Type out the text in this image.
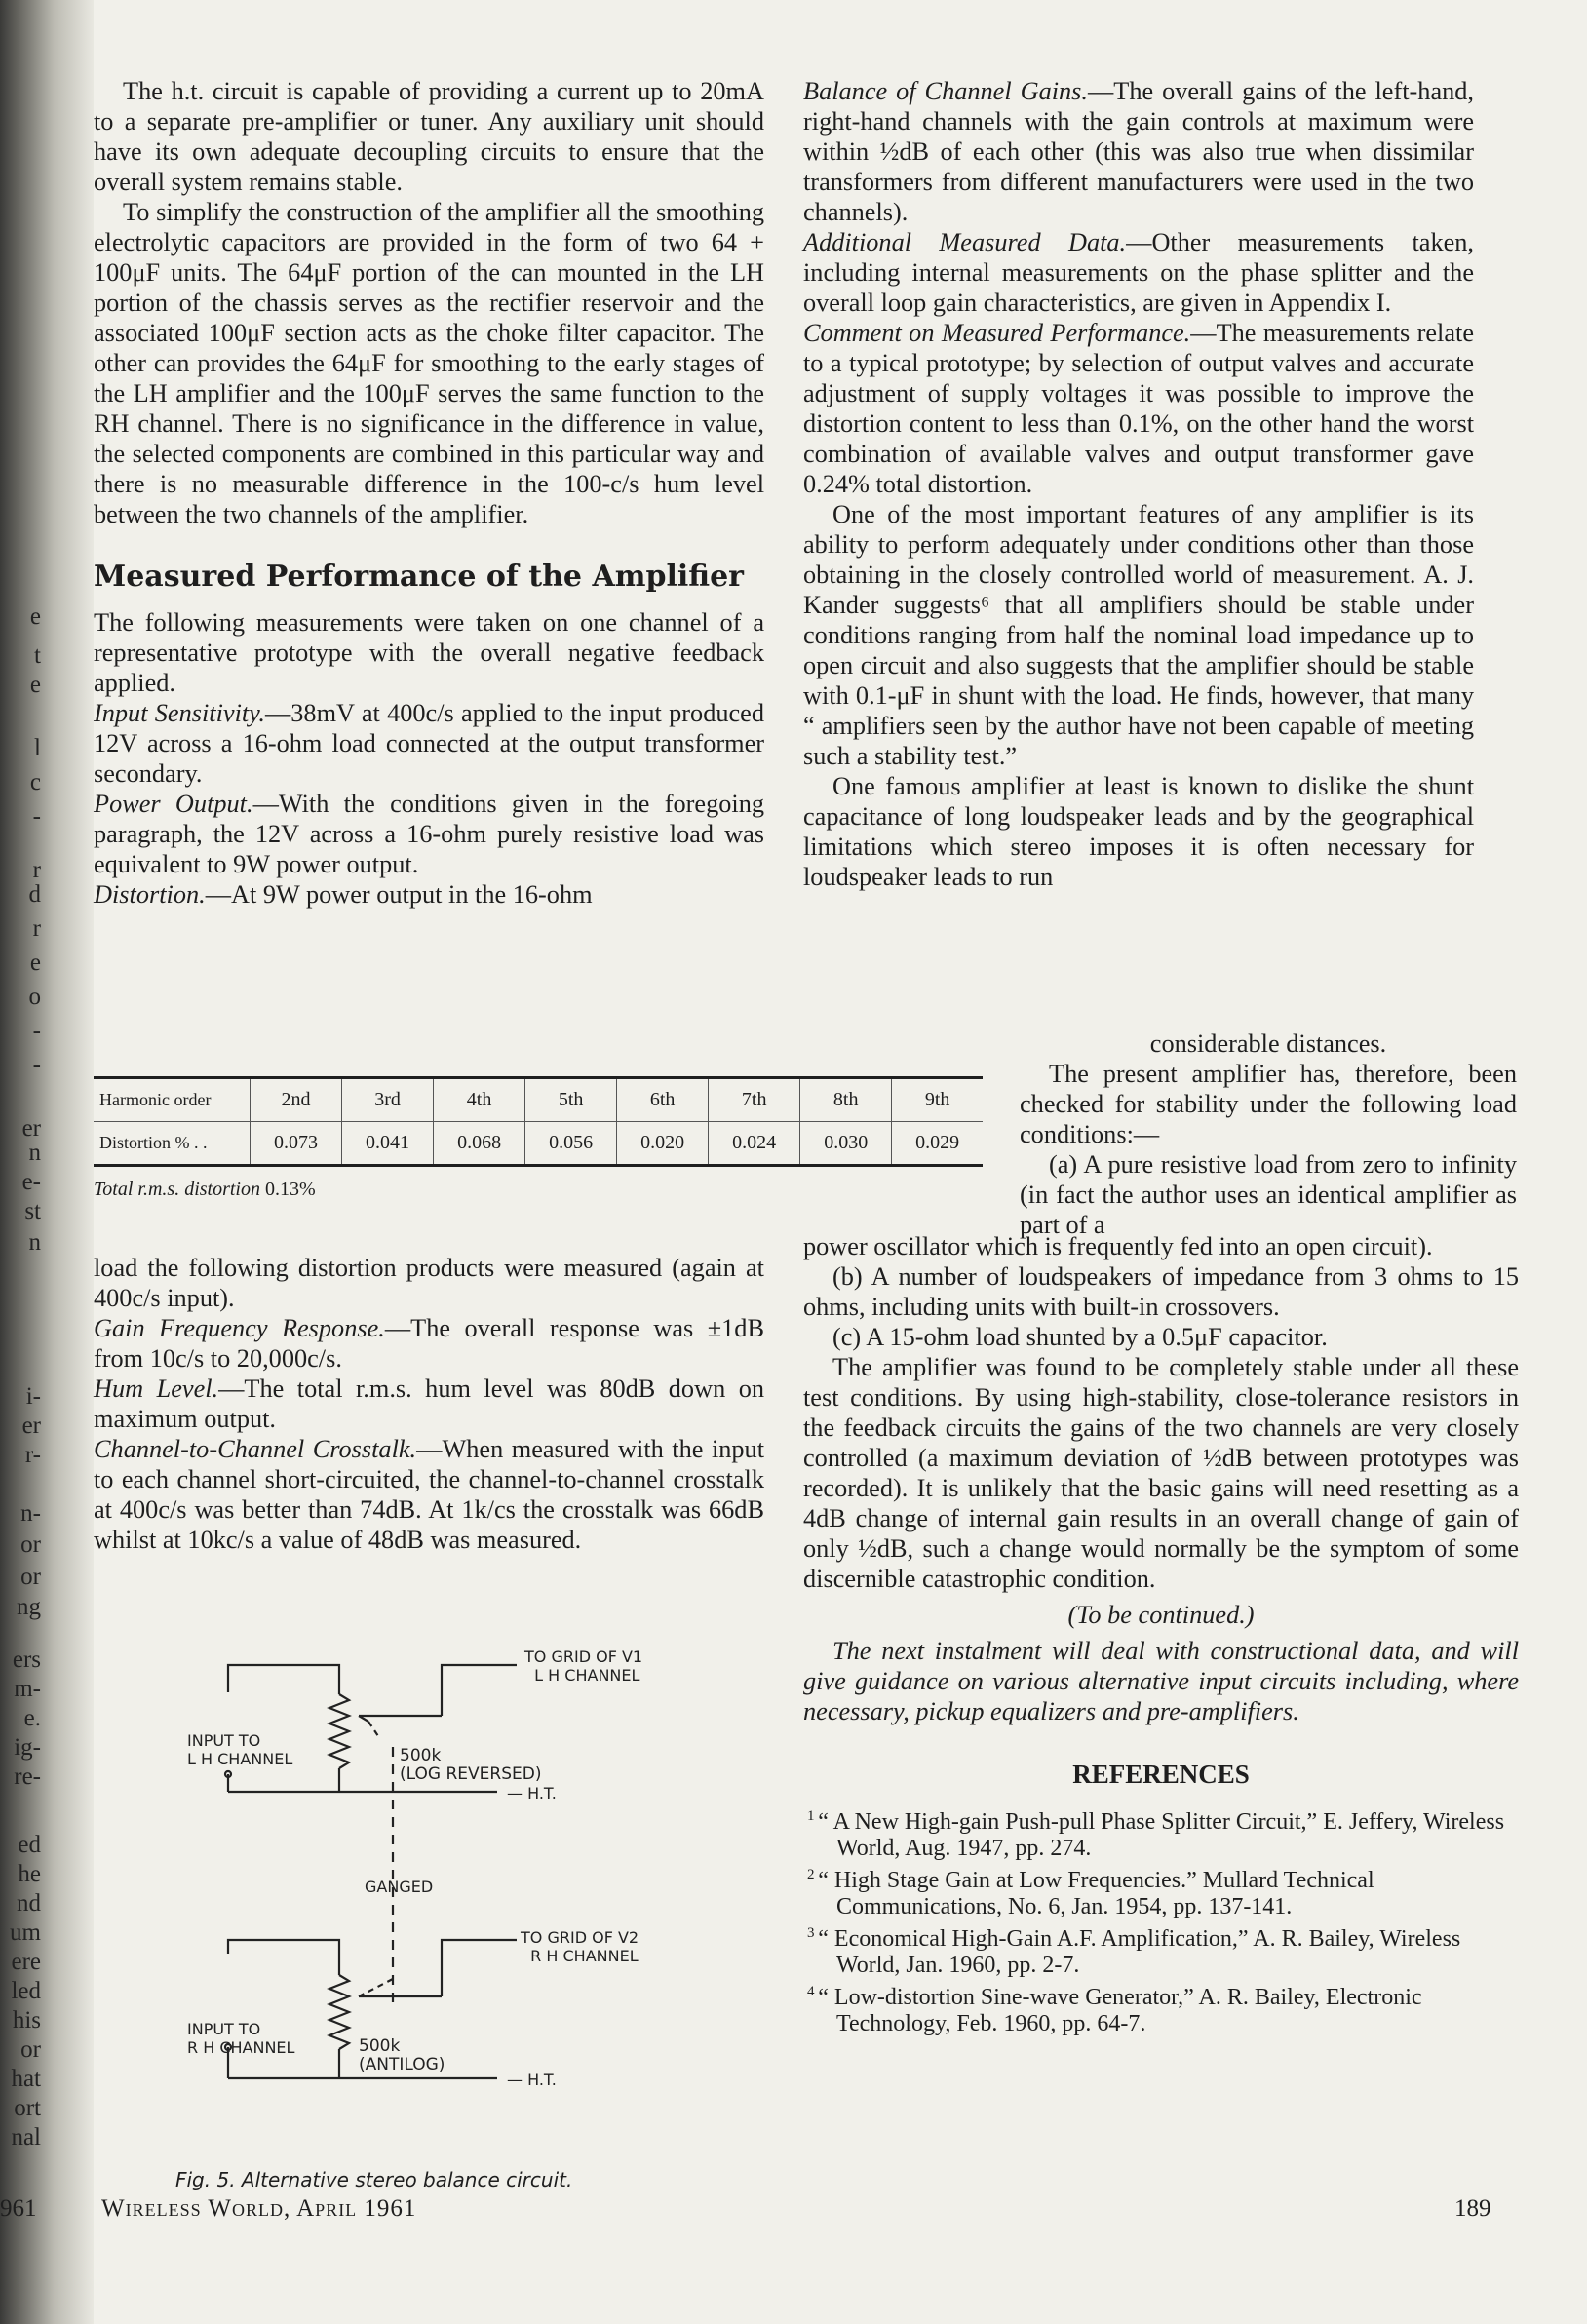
e
t
e
l
c
-
r
d
r
e
o
-
-
er
n
e-
st
n
i-
er
r-
n-
or
or
ng
ers
m-
e.
ig-
re-
ed
he
nd
um
ere
led
his
or
hat
ort
nal

The h.t. circuit is capable of providing a current up to 20mA to a separate pre-amplifier or tuner. Any auxiliary unit should have its own adequate decoupling circuits to ensure that the overall system remains stable.

To simplify the construction of the amplifier all the smoothing electrolytic capacitors are provided in the form of two 64 + 100μF units. The 64μF portion of the can mounted in the LH portion of the chassis serves as the rectifier reservoir and the associated 100μF section acts as the choke filter capacitor. The other can provides the 64μF for smoothing to the early stages of the LH amplifier and the 100μF serves the same function to the RH channel. There is no significance in the difference in value, the selected components are combined in this particular way and there is no measurable difference in the 100-c/s hum level between the two channels of the amplifier.

Measured Performance of the Amplifier

The following measurements were taken on one channel of a representative prototype with the overall negative feedback applied.

Input Sensitivity.—38mV at 400c/s applied to the input produced 12V across a 16-ohm load connected at the output transformer secondary.

Power Output.—With the conditions given in the foregoing paragraph, the 12V across a 16-ohm purely resistive load was equivalent to 9W power output.

Distortion.—At 9W power output in the 16-ohm

Harmonic order	2nd	3rd	4th	5th	6th	7th	8th	9th
Distortion % . .	0.073	0.041	0.068	0.056	0.020	0.024	0.030	0.029
Total r.m.s. distortion 0.13%

load the following distortion products were measured (again at 400c/s input).

Gain Frequency Response.—The overall response was ±1dB from 10c/s to 20,000c/s.

Hum Level.—The total r.m.s. hum level was 80dB down on maximum output.

Channel-to-Channel Crosstalk.—When measured with the input to each channel short-circuited, the channel-to-channel crosstalk at 400c/s was better than 74dB. At 1k/cs the crosstalk was 66dB whilst at 10kc/s a value of 48dB was measured.

TO GRID OF V1
L H CHANNEL
INPUT TO
L H CHANNEL	500k
(LOG REVERSED)
— H.T.
GANGED
TO GRID OF V2
R H CHANNEL
INPUT TO
R H CHANNEL	500k
(ANTILOG)
— H.T.
Fig. 5. Alternative stereo balance circuit.

Balance of Channel Gains.—The overall gains of the left-hand, right-hand channels with the gain controls at maximum were within ½dB of each other (this was also true when dissimilar transformers from different manufacturers were used in the two channels).

Additional Measured Data.—Other measurements taken, including internal measurements on the phase splitter and the overall loop gain characteristics, are given in Appendix I.

Comment on Measured Performance.—The measurements relate to a typical prototype; by selection of output valves and accurate adjustment of supply voltages it was possible to improve the distortion content to less than 0.1%, on the other hand the worst combination of available valves and output transformer gave 0.24% total distortion.

One of the most important features of any amplifier is its ability to perform adequately under conditions other than those obtaining in the closely controlled world of measurement. A. J. Kander suggests⁶ that all amplifiers should be stable under conditions ranging from half the nominal load impedance up to open circuit and also suggests that the amplifier should be stable with 0.1-μF in shunt with the load. He finds, however, that many “ amplifiers seen by the author have not been capable of meeting such a stability test.”

One famous amplifier at least is known to dislike the shunt capacitance of long loudspeaker leads and by the geographical limitations which stereo imposes it is often necessary for loudspeaker leads to run

considerable distances.

The present amplifier has, therefore, been checked for stability under the following load conditions:—

(a) A pure resistive load from zero to infinity (in fact the author uses an identical amplifier as part of a

power oscillator which is frequently fed into an open circuit).

(b) A number of loudspeakers of impedance from 3 ohms to 15 ohms, including units with built-in crossovers.

(c) A 15-ohm load shunted by a 0.5μF capacitor.

The amplifier was found to be completely stable under all these test conditions. By using high-stability, close-tolerance resistors in the feedback circuits the gains of the two channels are very closely controlled (a maximum deviation of ½dB between prototypes was recorded). It is unlikely that the basic gains will need resetting as a 4dB change of internal gain results in an overall change of gain of only ½dB, such a change would normally be the symptom of some discernible catastrophic condition.

(To be continued.)

The next instalment will deal with constructional data, and will give guidance on various alternative input circuits including, where necessary, pickup equalizers and pre-amplifiers.

REFERENCES

$^1$ “ A New High-gain Push-pull Phase Splitter Circuit,” E. Jeffery, Wireless World, Aug. 1947, pp. 274.

$^2$ “ High Stage Gain at Low Frequencies.” Mullard Technical Communications, No. 6, Jan. 1954, pp. 137-141.

$^3$ “ Economical High-Gain A.F. Amplification,” A. R. Bailey, Wireless World, Jan. 1960, pp. 2-7.

$^4$ “ Low-distortion Sine-wave Generator,” A. R. Bailey, Electronic Technology, Feb. 1960, pp. 64-7.

961	Wireless World, April 1961	189
